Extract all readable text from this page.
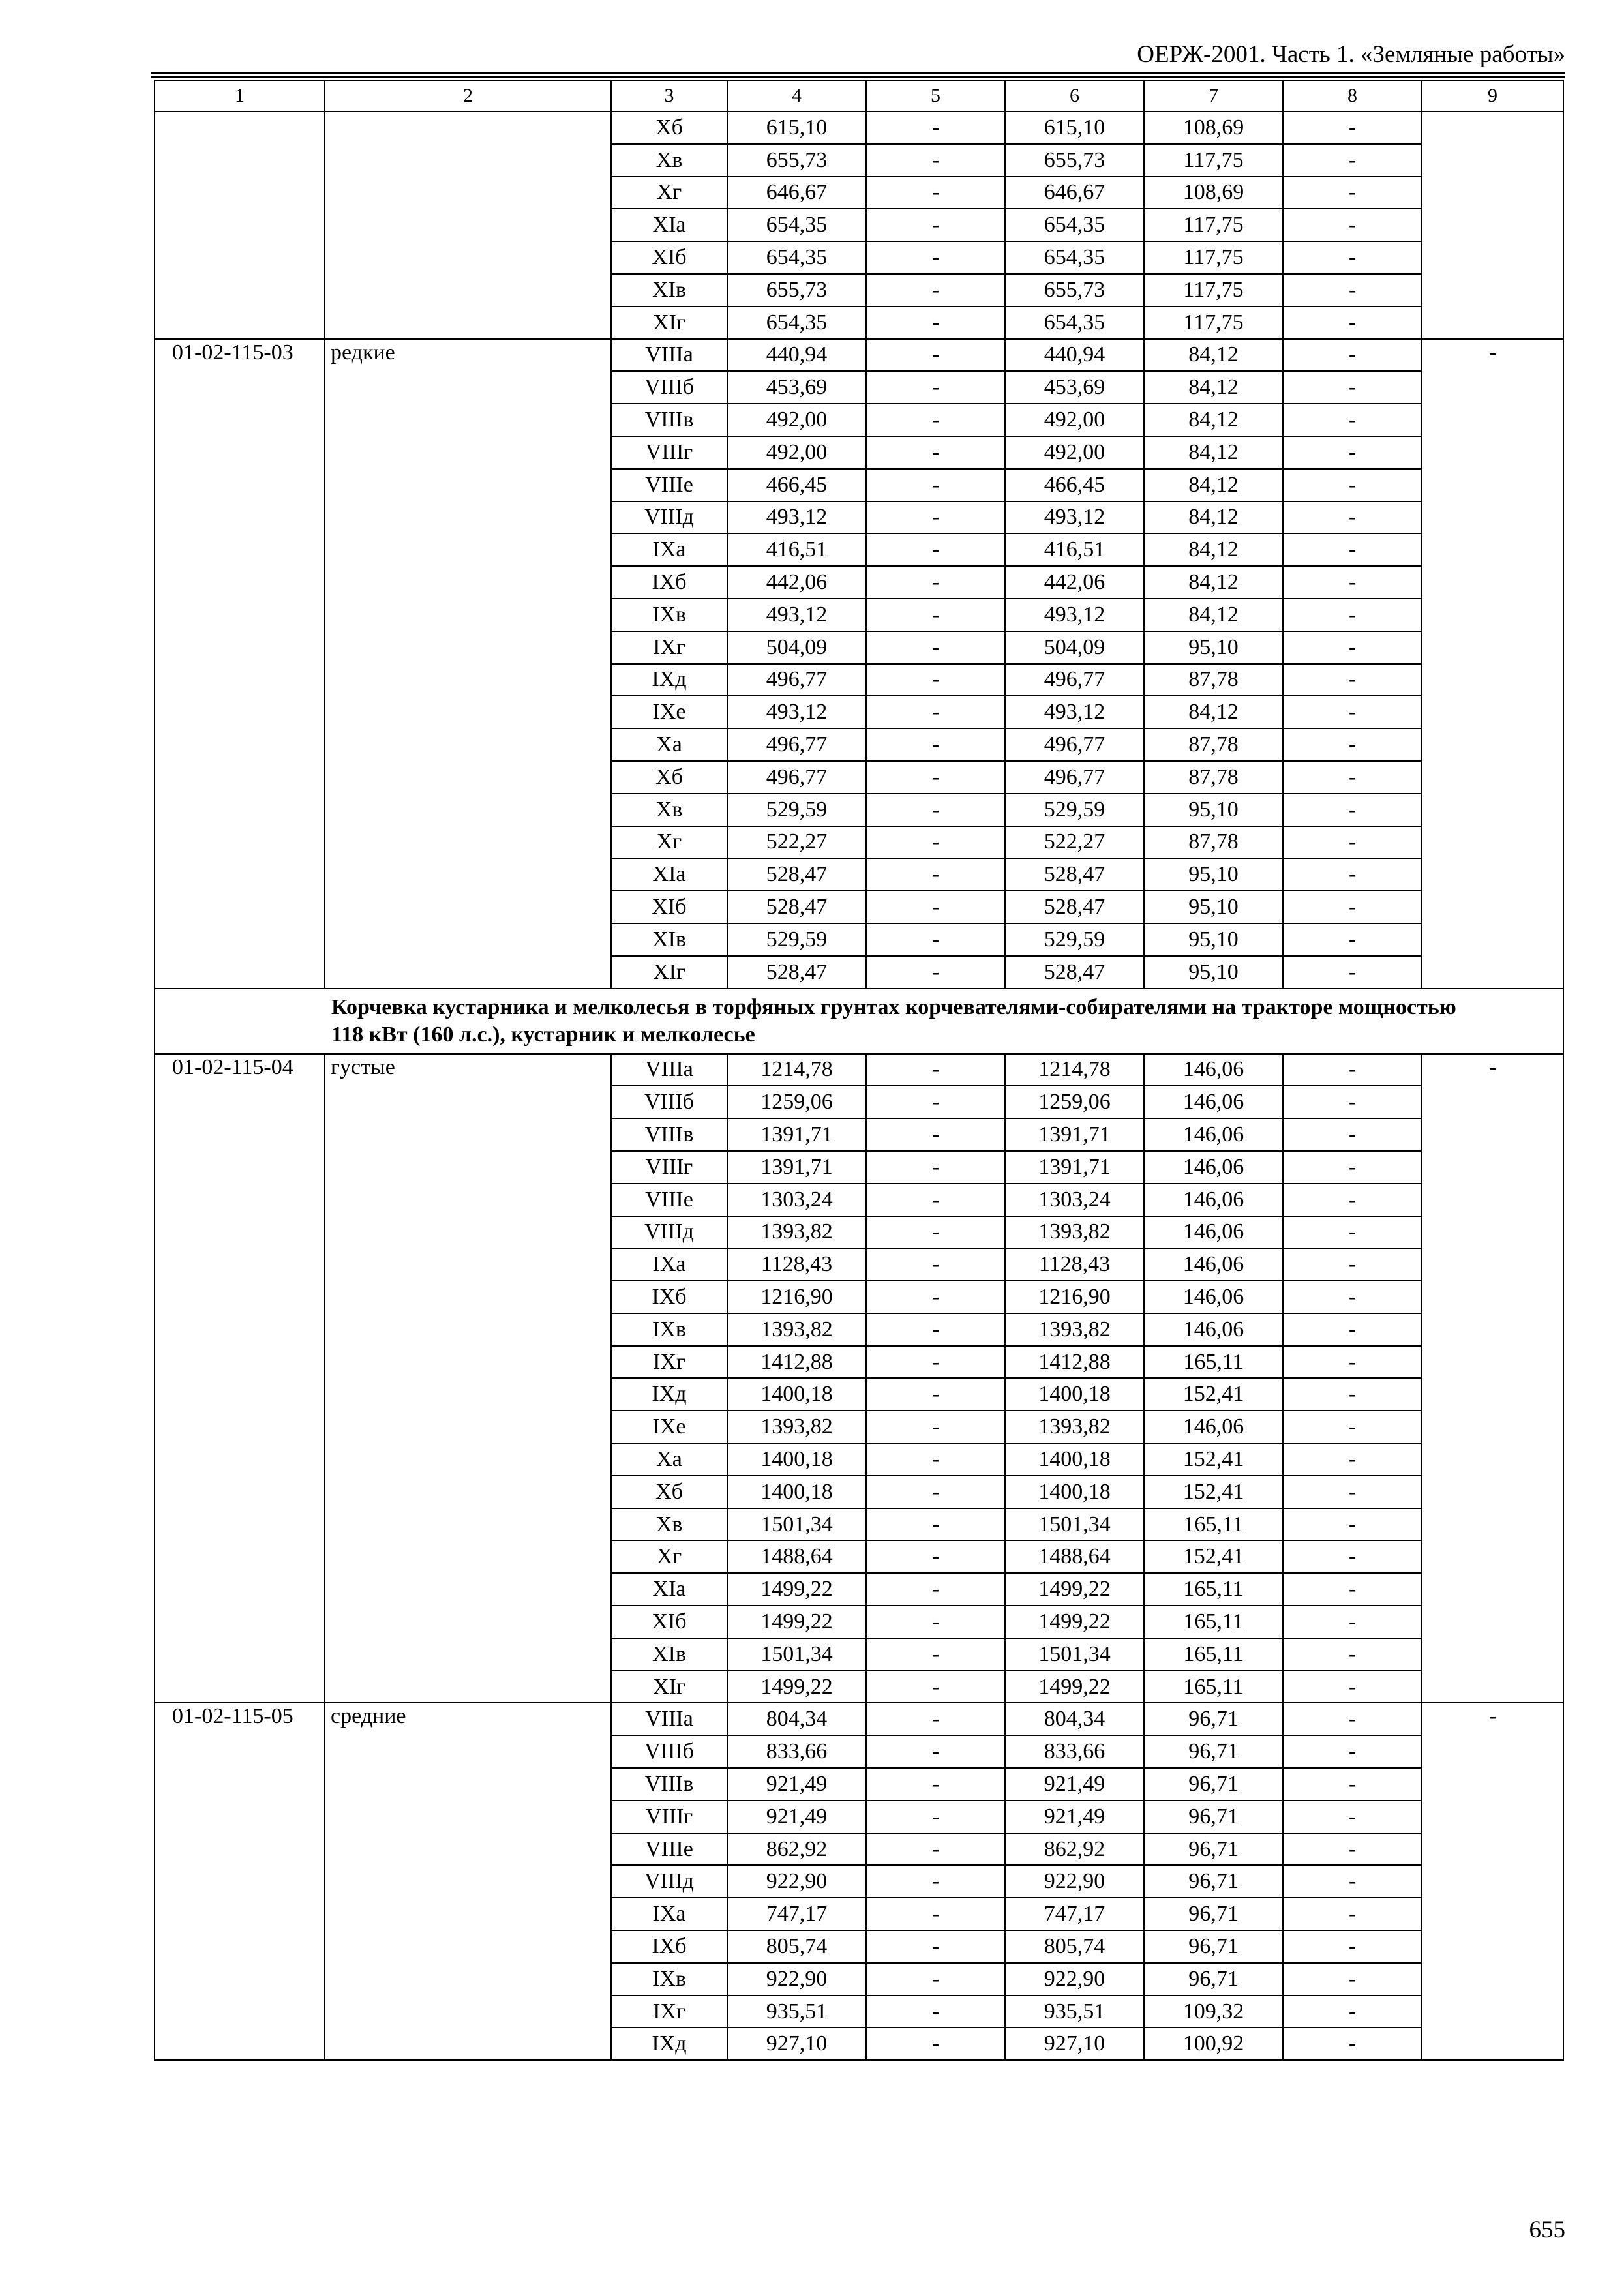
ОЕРЖ-2001. Часть 1. «Земляные работы»
1	2	3	4	5	6	7	8	9
		Хб	615,10	-	615,10	108,69	-	
		Хв	655,73	-	655,73	117,75	-	
		Хг	646,67	-	646,67	108,69	-	
		ХIа	654,35	-	654,35	117,75	-	
		ХIб	654,35	-	654,35	117,75	-	
		ХIв	655,73	-	655,73	117,75	-	
		ХIг	654,35	-	654,35	117,75	-	
01-02-115-03	редкие	VIIIа	440,94	-	440,94	84,12	-	-
		VIIIб	453,69	-	453,69	84,12	-	
		VIIIв	492,00	-	492,00	84,12	-	
		VIIIг	492,00	-	492,00	84,12	-	
		VIIIе	466,45	-	466,45	84,12	-	
		VIIIд	493,12	-	493,12	84,12	-	
		IХа	416,51	-	416,51	84,12	-	
		IХб	442,06	-	442,06	84,12	-	
		IХв	493,12	-	493,12	84,12	-	
		IХг	504,09	-	504,09	95,10	-	
		IХд	496,77	-	496,77	87,78	-	
		IХе	493,12	-	493,12	84,12	-	
		Ха	496,77	-	496,77	87,78	-	
		Хб	496,77	-	496,77	87,78	-	
		Хв	529,59	-	529,59	95,10	-	
		Хг	522,27	-	522,27	87,78	-	
		ХIа	528,47	-	528,47	95,10	-	
		ХIб	528,47	-	528,47	95,10	-	
		ХIв	529,59	-	529,59	95,10	-	
		ХIг	528,47	-	528,47	95,10	-	
Корчевка кустарника и мелколесья в торфяных грунтах корчевателями-собирателями на тракторе мощностью 118 кВт (160 л.с.), кустарник и мелколесье								
01-02-115-04	густые	VIIIа	1214,78	-	1214,78	146,06	-	-
		VIIIб	1259,06	-	1259,06	146,06	-	
		VIIIв	1391,71	-	1391,71	146,06	-	
		VIIIг	1391,71	-	1391,71	146,06	-	
		VIIIе	1303,24	-	1303,24	146,06	-	
		VIIIд	1393,82	-	1393,82	146,06	-	
		IХа	1128,43	-	1128,43	146,06	-	
		IХб	1216,90	-	1216,90	146,06	-	
		IХв	1393,82	-	1393,82	146,06	-	
		IХг	1412,88	-	1412,88	165,11	-	
		IХд	1400,18	-	1400,18	152,41	-	
		IХе	1393,82	-	1393,82	146,06	-	
		Ха	1400,18	-	1400,18	152,41	-	
		Хб	1400,18	-	1400,18	152,41	-	
		Хв	1501,34	-	1501,34	165,11	-	
		Хг	1488,64	-	1488,64	152,41	-	
		ХIа	1499,22	-	1499,22	165,11	-	
		ХIб	1499,22	-	1499,22	165,11	-	
		ХIв	1501,34	-	1501,34	165,11	-	
		ХIг	1499,22	-	1499,22	165,11	-	
01-02-115-05	средние	VIIIа	804,34	-	804,34	96,71	-	-
		VIIIб	833,66	-	833,66	96,71	-	
		VIIIв	921,49	-	921,49	96,71	-	
		VIIIг	921,49	-	921,49	96,71	-	
		VIIIе	862,92	-	862,92	96,71	-	
		VIIIд	922,90	-	922,90	96,71	-	
		IХа	747,17	-	747,17	96,71	-	
		IХб	805,74	-	805,74	96,71	-	
		IХв	922,90	-	922,90	96,71	-	
		IХг	935,51	-	935,51	109,32	-	
		IХд	927,10	-	927,10	100,92	-	
655
